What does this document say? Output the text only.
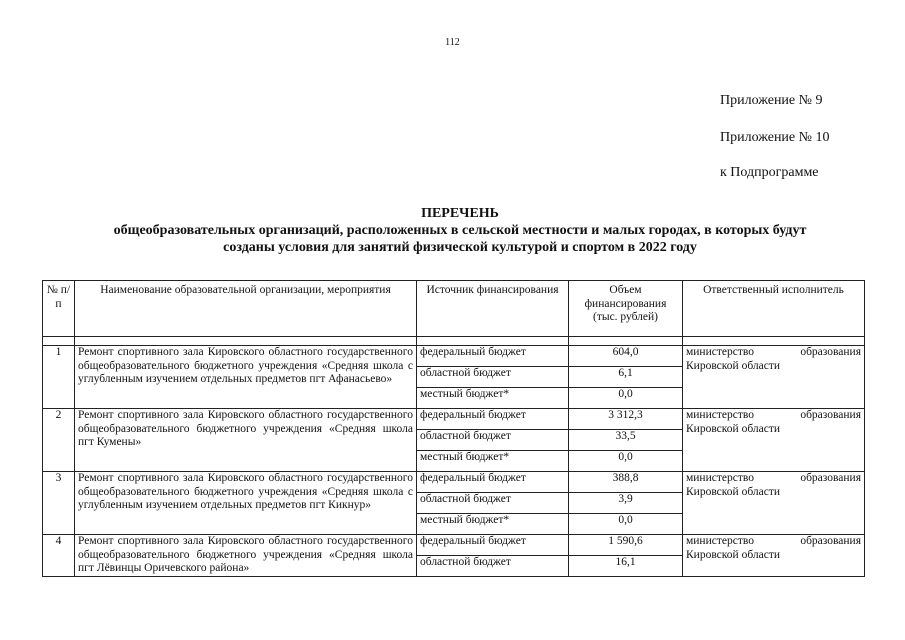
112
Приложение № 9
Приложение № 10
к Подпрограмме
ПЕРЕЧЕНЬ
общеобразовательных организаций, расположенных в сельской местности и малых городах, в которых будут
созданы условия для занятий физической культурой и спортом в 2022 году
№ п/п	Наименование образовательной организации, мероприятия	Источник финансирования	Объем финансирования (тыс. рублей)	Ответственный исполнитель

1	Ремонт спортивного зала Кировского областного государственного общеобразовательного бюджетного учреждения «Средняя школа с углубленным изучением отдельных предметов пгт Афанасьево»	федеральный бюджет	604,0	министерство образования Кировской области
		областной бюджет	6,1	
		местный бюджет*	0,0	
2	Ремонт спортивного зала Кировского областного государственного общеобразовательного бюджетного учреждения «Средняя школа пгт Кумены»	федеральный бюджет	3 312,3	министерство образования Кировской области
		областной бюджет	33,5	
		местный бюджет*	0,0	
3	Ремонт спортивного зала Кировского областного государственного общеобразовательного бюджетного учреждения «Средняя школа с углубленным изучением отдельных предметов пгт Кикнур»	федеральный бюджет	388,8	министерство образования Кировской области
		областной бюджет	3,9	
		местный бюджет*	0,0	
4	Ремонт спортивного зала Кировского областного государственного общеобразовательного бюджетного учреждения «Средняя школа пгт Лёвинцы Оричевского района»	федеральный бюджет	1 590,6	министерство образования Кировской области
		областной бюджет	16,1	
